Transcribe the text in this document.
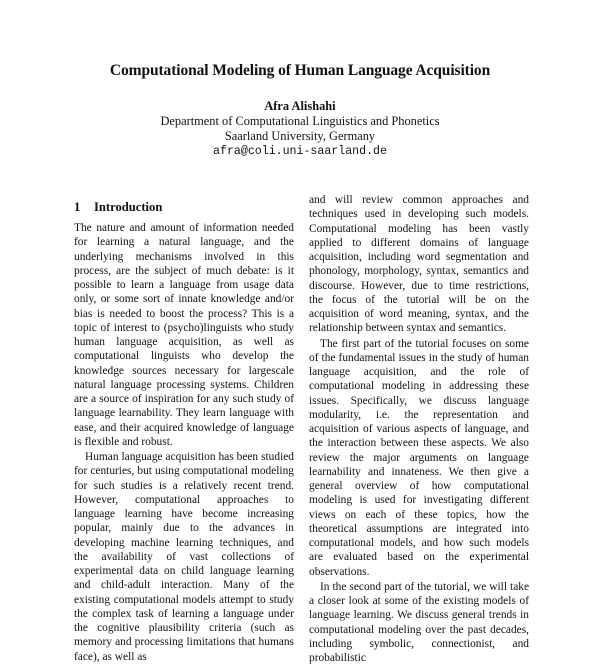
Computational Modeling of Human Language Acquisition
Afra Alishahi
Department of Computational Linguistics and Phonetics
Saarland University, Germany
afra@coli.uni-saarland.de
1 Introduction

The nature and amount of information needed for learning a natural language, and the underlying mechanisms involved in this process, are the subject of much debate: is it possible to learn a language from usage data only, or some sort of innate knowledge and/or bias is needed to boost the process? This is a topic of interest to (psycho)linguists who study human language acquisition, as well as computational linguists who develop the knowledge sources necessary for largescale natural language processing systems. Children are a source of inspiration for any such study of language learnability. They learn language with ease, and their acquired knowledge of language is flexible and robust.

Human language acquisition has been studied for centuries, but using computational modeling for such studies is a relatively recent trend. However, computational approaches to language learning have become increasing popular, mainly due to the advances in developing machine learning techniques, and the availability of vast collections of experimental data on child language learning and child-adult interaction. Many of the existing computational models attempt to study the complex task of learning a language under the cognitive plausibility criteria (such as memory and processing limitations that humans face), as well as

and will review common approaches and techniques used in developing such models. Computational modeling has been vastly applied to different domains of language acquisition, including word segmentation and phonology, morphology, syntax, semantics and discourse. However, due to time restrictions, the focus of the tutorial will be on the acquisition of word meaning, syntax, and the relationship between syntax and semantics.

The first part of the tutorial focuses on some of the fundamental issues in the study of human language acquisition, and the role of computational modeling in addressing these issues. Specifically, we discuss language modularity, i.e. the representation and acquisition of various aspects of language, and the interaction between these aspects. We also review the major arguments on language learnability and innateness. We then give a general overview of how computational modeling is used for investigating different views on each of these topics, how the theoretical assumptions are integrated into computational models, and how such models are evaluated based on the experimental observations.

In the second part of the tutorial, we will take a closer look at some of the existing models of language learning. We discuss general trends in computational modeling over the past decades, including symbolic, connectionist, and probabilistic
